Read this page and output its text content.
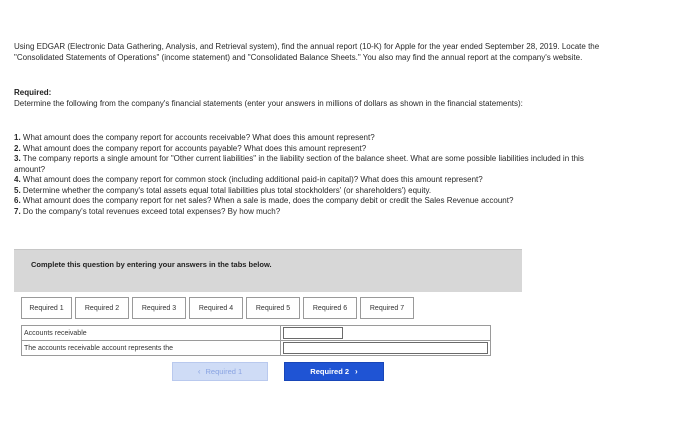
Using EDGAR (Electronic Data Gathering, Analysis, and Retrieval system), find the annual report (10-K) for Apple for the year ended September 28, 2019. Locate the "Consolidated Statements of Operations" (income statement) and "Consolidated Balance Sheets." You also may find the annual report at the company's website.
Required:
Determine the following from the company's financial statements (enter your answers in millions of dollars as shown in the financial statements):

1. What amount does the company report for accounts receivable? What does this amount represent?

2. What amount does the company report for accounts payable? What does this amount represent?

3. The company reports a single amount for "Other current liabilities" in the liability section of the balance sheet. What are some possible liabilities included in this amount?

4. What amount does the company report for common stock (including additional paid-in capital)? What does this amount represent?

5. Determine whether the company's total assets equal total liabilities plus total stockholders' (or shareholders') equity.

6. What amount does the company report for net sales? When a sale is made, does the company debit or credit the Sales Revenue account?

7. Do the company's total revenues exceed total expenses? By how much?

Complete this question by entering your answers in the tabs below.
Required 1	Required 2	Required 3	Required 4	Required 5	Required 6	Required 7
Accounts receivable	
The accounts receivable account represents the	
‹ Required 1	Required 2 ›
